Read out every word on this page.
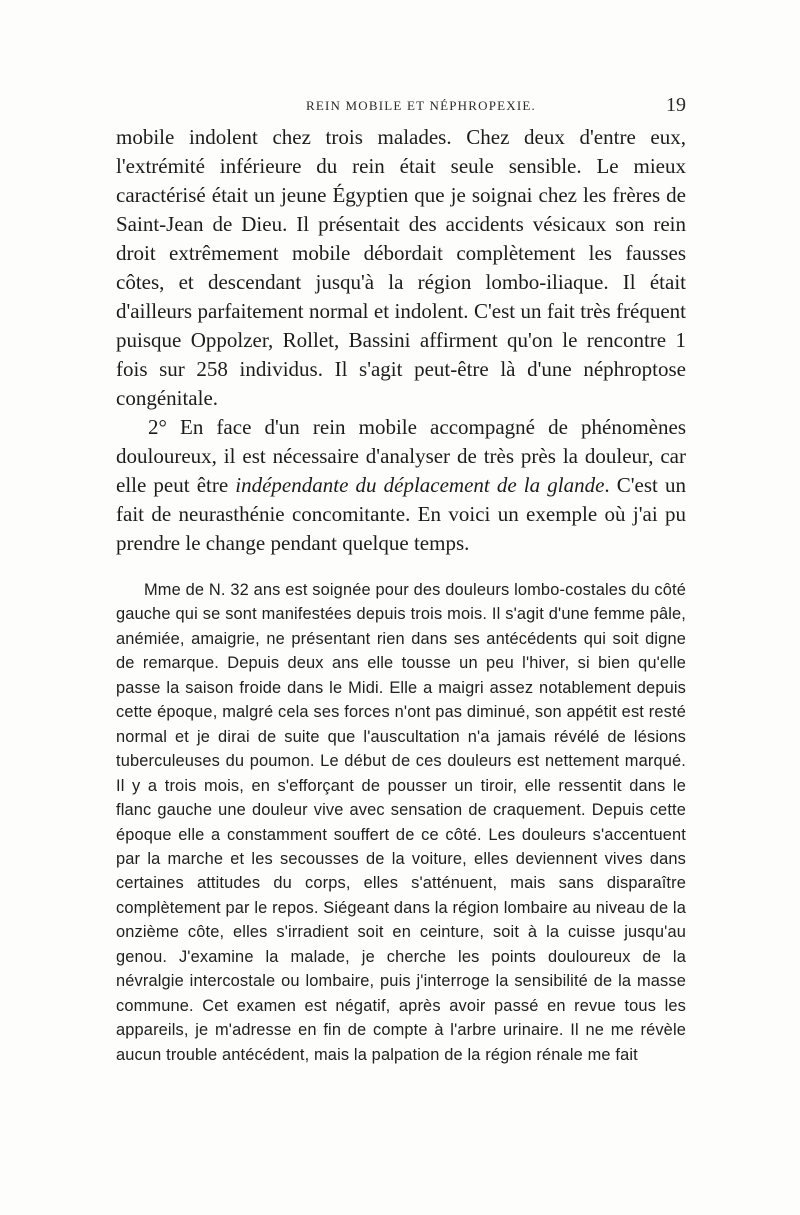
REIN MOBILE ET NÉPHROPEXIE.	19

mobile indolent chez trois malades. Chez deux d'entre eux, l'extrémité inférieure du rein était seule sensible. Le mieux caractérisé était un jeune Égyptien que je soignai chez les frères de Saint-Jean de Dieu. Il présentait des accidents vésicaux son rein droit extrêmement mobile débordait complètement les fausses côtes, et descendant jusqu'à la région lombo-iliaque. Il était d'ailleurs parfaitement normal et indolent. C'est un fait très fréquent puisque Oppolzer, Rollet, Bassini affirment qu'on le rencontre 1 fois sur 258 individus. Il s'agit peut-être là d'une néphroptose congénitale.

2° En face d'un rein mobile accompagné de phénomènes douloureux, il est nécessaire d'analyser de très près la douleur, car elle peut être indépendante du déplacement de la glande. C'est un fait de neurasthénie concomitante. En voici un exemple où j'ai pu prendre le change pendant quelque temps.

Mme de N. 32 ans est soignée pour des douleurs lombo-costales du côté gauche qui se sont manifestées depuis trois mois. Il s'agit d'une femme pâle, anémiée, amaigrie, ne présentant rien dans ses antécédents qui soit digne de remarque. Depuis deux ans elle tousse un peu l'hiver, si bien qu'elle passe la saison froide dans le Midi. Elle a maigri assez notablement depuis cette époque, malgré cela ses forces n'ont pas diminué, son appétit est resté normal et je dirai de suite que l'auscultation n'a jamais révélé de lésions tuberculeuses du poumon. Le début de ces douleurs est nettement marqué. Il y a trois mois, en s'efforçant de pousser un tiroir, elle ressentit dans le flanc gauche une douleur vive avec sensation de craquement. Depuis cette époque elle a constamment souffert de ce côté. Les douleurs s'accentuent par la marche et les secousses de la voiture, elles deviennent vives dans certaines attitudes du corps, elles s'atténuent, mais sans disparaître complètement par le repos. Siégeant dans la région lombaire au niveau de la onzième côte, elles s'irradient soit en ceinture, soit à la cuisse jusqu'au genou. J'examine la malade, je cherche les points douloureux de la névralgie intercostale ou lombaire, puis j'interroge la sensibilité de la masse commune. Cet examen est négatif, après avoir passé en revue tous les appareils, je m'adresse en fin de compte à l'arbre urinaire. Il ne me révèle aucun trouble antécédent, mais la palpation de la région rénale me fait
